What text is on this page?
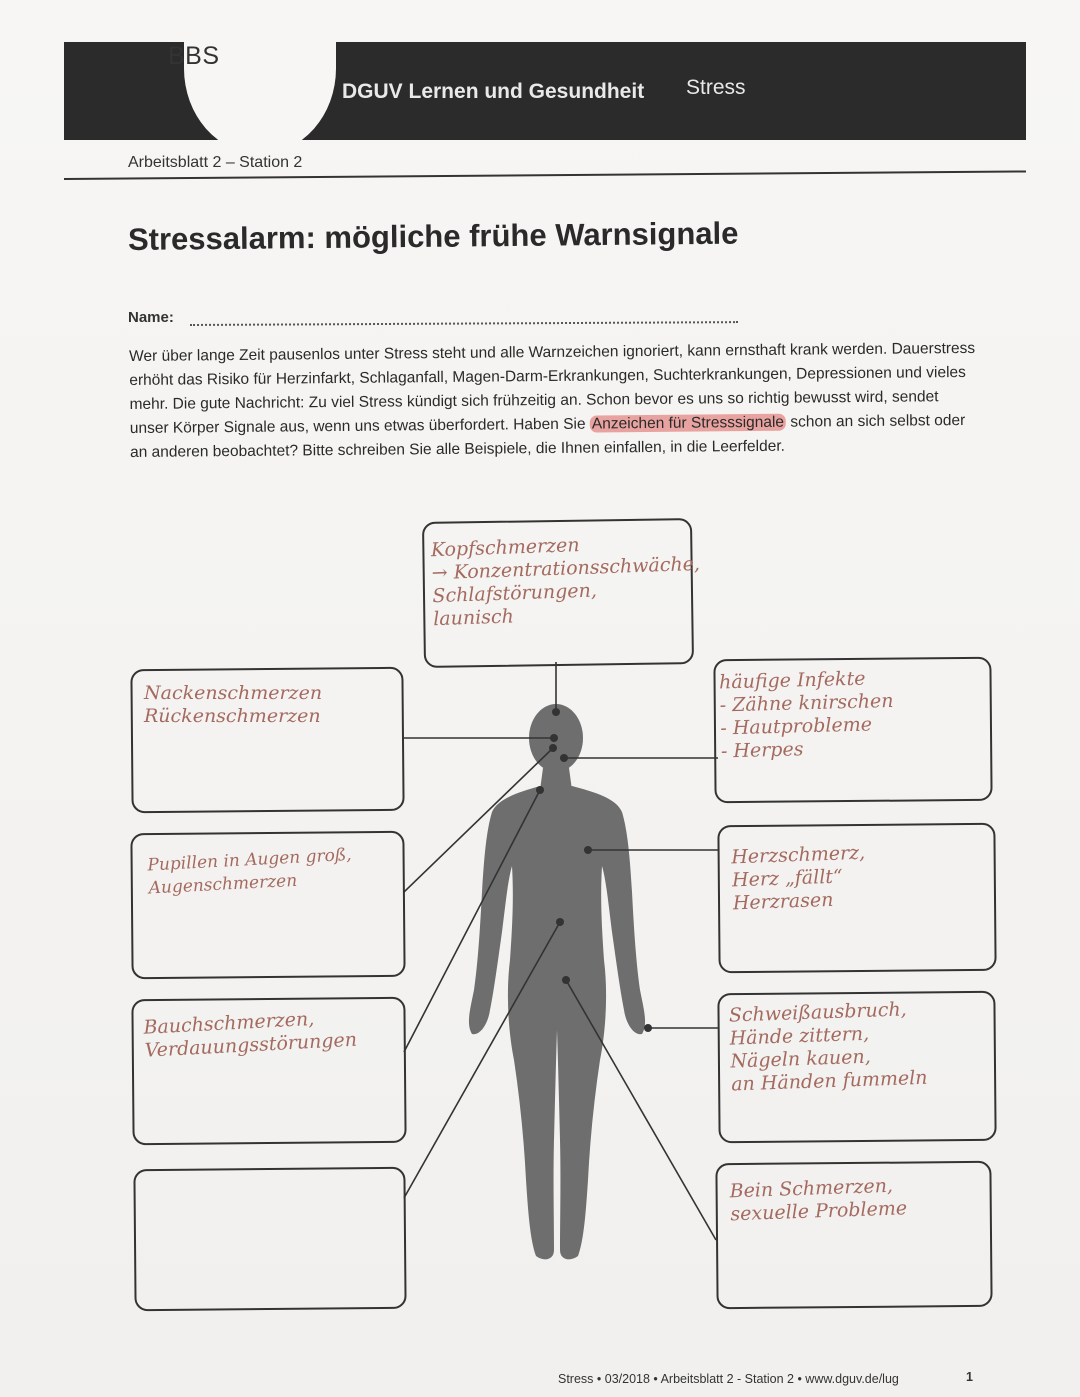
BBS
DGUV Lernen und Gesundheit Stress
Arbeitsblatt 2 – Station 2
Stressalarm: mögliche frühe Warnsignale
Name:
Wer über lange Zeit pausenlos unter Stress steht und alle Warnzeichen ignoriert, kann ernsthaft krank werden. Dauerstress erhöht das Risiko für Herzinfarkt, Schlaganfall, Magen-Darm-Erkrankungen, Suchterkrankungen, Depressionen und vieles mehr. Die gute Nachricht: Zu viel Stress kündigt sich frühzeitig an. Schon bevor es uns so richtig bewusst wird, sendet unser Körper Signale aus, wenn uns etwas überfordert. Haben Sie Anzeichen für Stresssignale schon an sich selbst oder an anderen beobachtet? Bitte schreiben Sie alle Beispiele, die Ihnen einfallen, in die Leerfelder.
Kopfschmerzen
→ Konzentrationsschwäche,
Schlafstörungen,
launisch
Nackenschmerzen
Rückenschmerzen
Pupillen in Augen groß,
Augenschmerzen
Bauchschmerzen,
Verdauungsstörungen
häufige Infekte
- Zähne knirschen
- Hautprobleme
- Herpes
Herzschmerz,
Herz „fällt“
Herzrasen
Schweißausbruch,
Hände zittern,
Nägeln kauen,
an Händen fummeln
Bein Schmerzen,
sexuelle Probleme
Stress • 03/2018 • Arbeitsblatt 2 - Station 2 • www.dguv.de/lug	1
